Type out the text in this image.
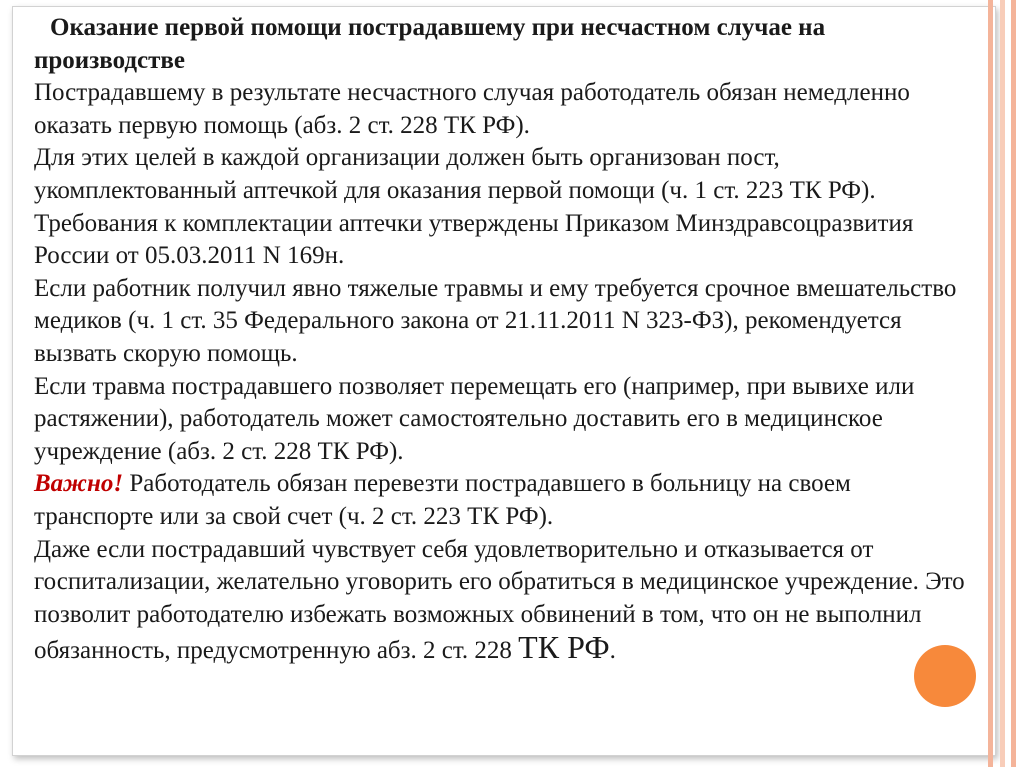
Оказание первой помощи пострадавшему при несчастном случае на производстве
Пострадавшему в результате несчастного случая работодатель обязан немедленно оказать первую помощь (абз. 2 ст. 228 ТК РФ).
Для этих целей в каждой организации должен быть организован пост, укомплектованный аптечкой для оказания первой помощи (ч. 1 ст. 223 ТК РФ). Требования к комплектации аптечки утверждены Приказом Минздравсоцразвития России от 05.03.2011 N 169н.
Если работник получил явно тяжелые травмы и ему требуется срочное вмешательство медиков (ч. 1 ст. 35 Федерального закона от 21.11.2011 N 323-ФЗ), рекомендуется вызвать скорую помощь.
Если травма пострадавшего позволяет перемещать его (например, при вывихе или растяжении), работодатель может самостоятельно доставить его в медицинское учреждение (абз. 2 ст. 228 ТК РФ).
Важно! Работодатель обязан перевезти пострадавшего в больницу на своем транспорте или за свой счет (ч. 2 ст. 223 ТК РФ).
Даже если пострадавший чувствует себя удовлетворительно и отказывается от госпитализации, желательно уговорить его обратиться в медицинское учреждение. Это позволит работодателю избежать возможных обвинений в том, что он не выполнил обязанность, предусмотренную абз. 2 ст. 228 ТК РФ.
